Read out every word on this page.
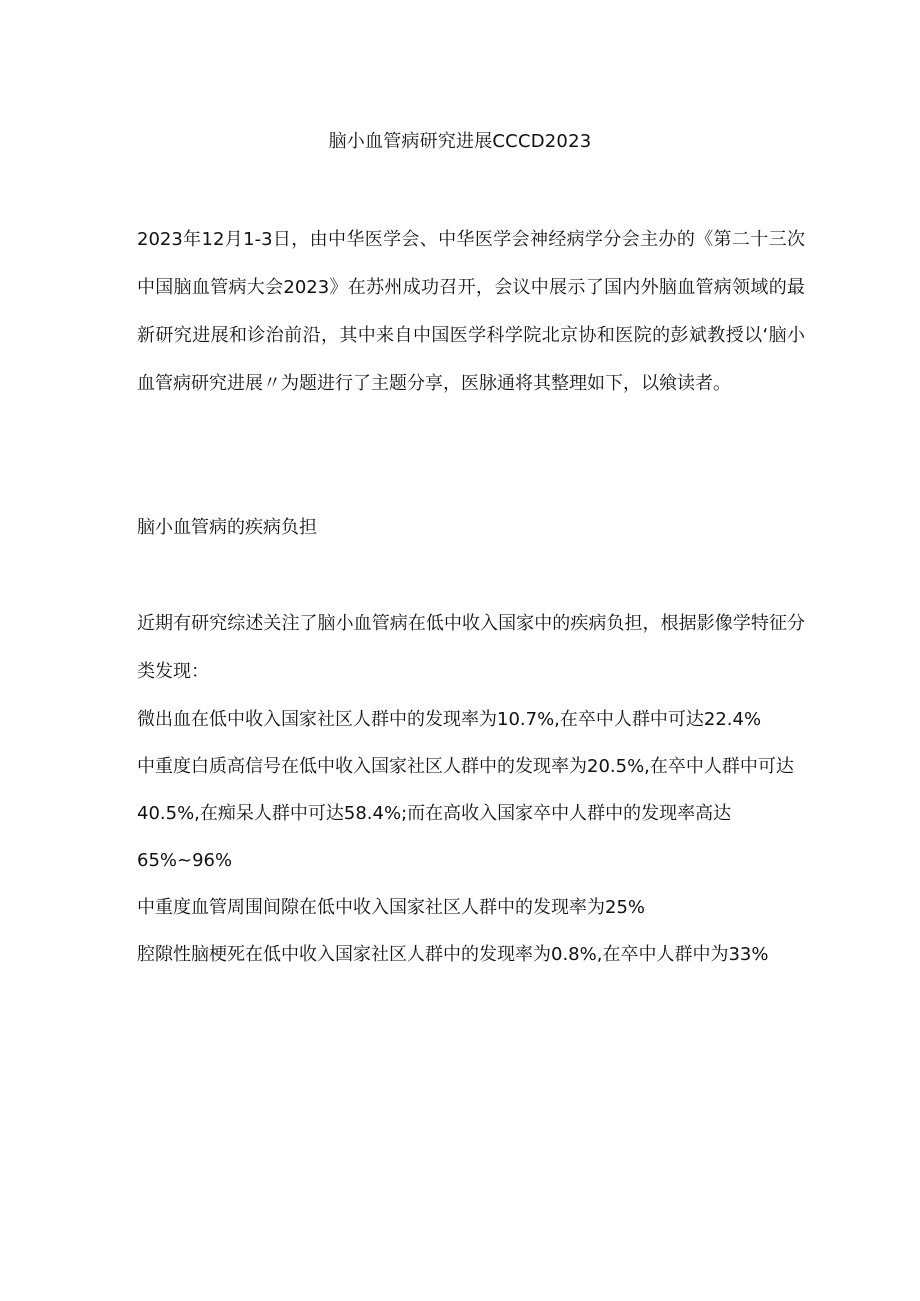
脑小血管病研究进展CCCD2023
2023年12月1-3日，由中华医学会、中华医学会神经病学分会主办的《第二十三次中国脑血管病大会2023》在苏州成功召开，会议中展示了国内外脑血管病领域的最新研究进展和诊治前沿，其中来自中国医学科学院北京协和医院的彭斌教授以‘脑小血管病研究进展〃为题进行了主题分享，医脉通将其整理如下，以飨读者。
脑小血管病的疾病负担
近期有研究综述关注了脑小血管病在低中收入国家中的疾病负担，根据影像学特征分类发现：

微出血在低中收入国家社区人群中的发现率为10.7%,在卒中人群中可达22.4%

中重度白质高信号在低中收入国家社区人群中的发现率为20.5%,在卒中人群中可达40.5%,在痴呆人群中可达58.4%;而在高收入国家卒中人群中的发现率高达65%~96%

中重度血管周围间隙在低中收入国家社区人群中的发现率为25%

腔隙性脑梗死在低中收入国家社区人群中的发现率为0.8%,在卒中人群中为33%
